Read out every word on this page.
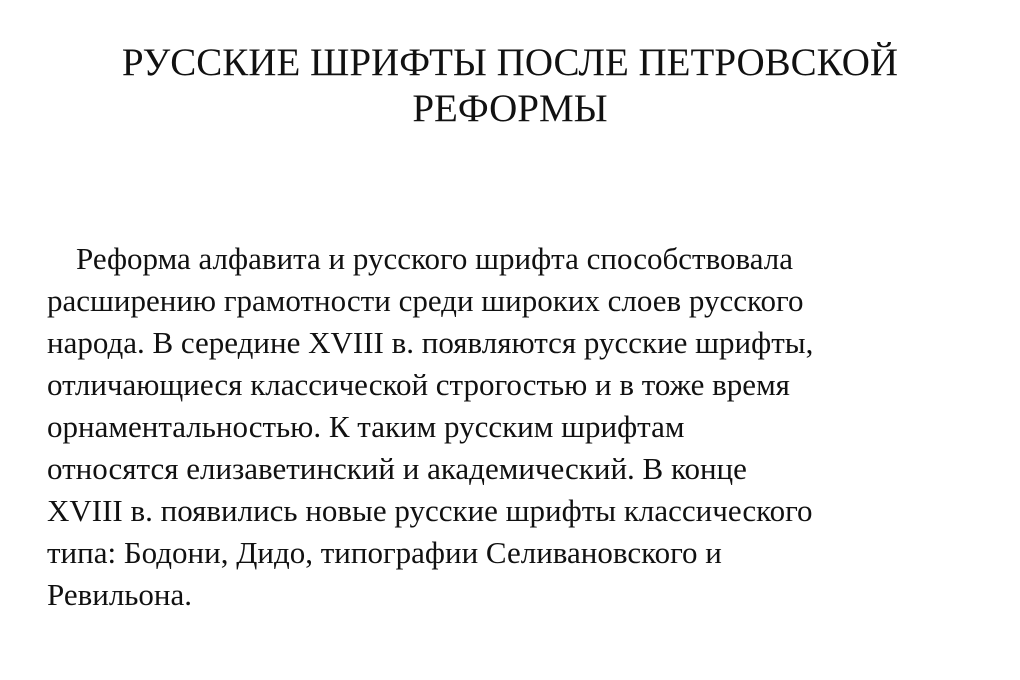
РУССКИЕ ШРИФТЫ ПОСЛЕ ПЕТРОВСКОЙ
РЕФОРМЫ
Реформа алфавита и русского шрифта способствовала
расширению грамотности среди широких слоев русского
народа. В середине XVIII в. появляются русские шрифты,
отличающиеся классической строгостью и в тоже время
орнаментальностью. К таким русским шрифтам
относятся елизаветинский и академический. В конце
XVIII в. появились новые русские шрифты классического
типа: Бодони, Дидо, типографии Селивановского и
Ревильона.
